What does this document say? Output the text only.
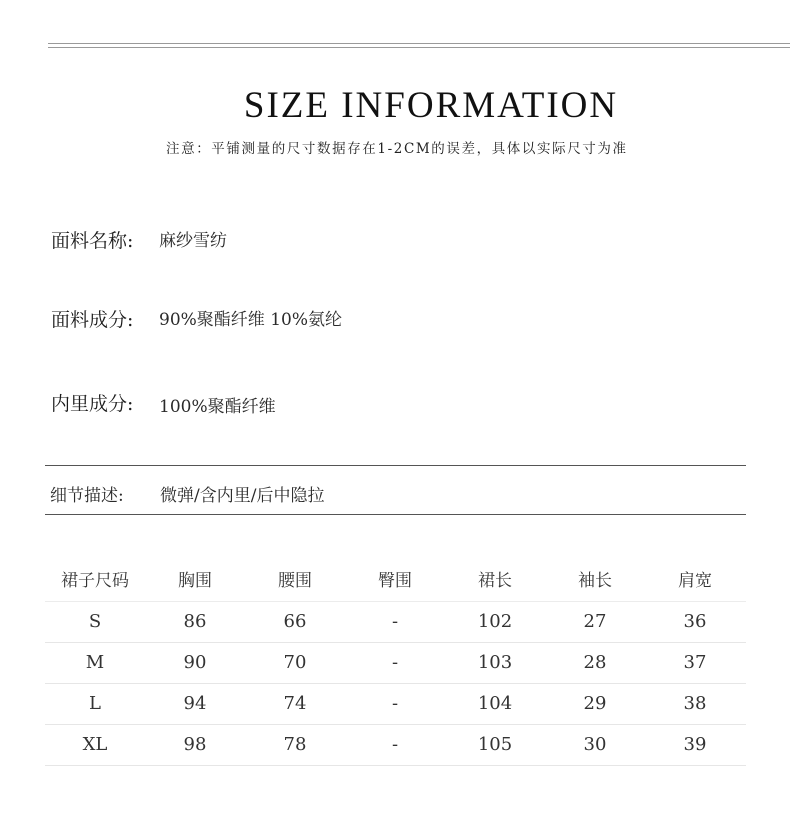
SIZE INFORMATION
注意：平铺测量的尺寸数据存在1-2CM的误差，具体以实际尺寸为准
面料名称: 麻纱雪纺
面料成分: 90%聚酯纤维 10%氨纶
内里成分: 100%聚酯纤维
细节描述: 微弹/含内里/后中隐拉
裙子尺码	胸围	腰围	臀围	裙长	袖长	肩宽
S	86	66	-	102	27	36
M	90	70	-	103	28	37
L	94	74	-	104	29	38
XL	98	78	-	105	30	39
